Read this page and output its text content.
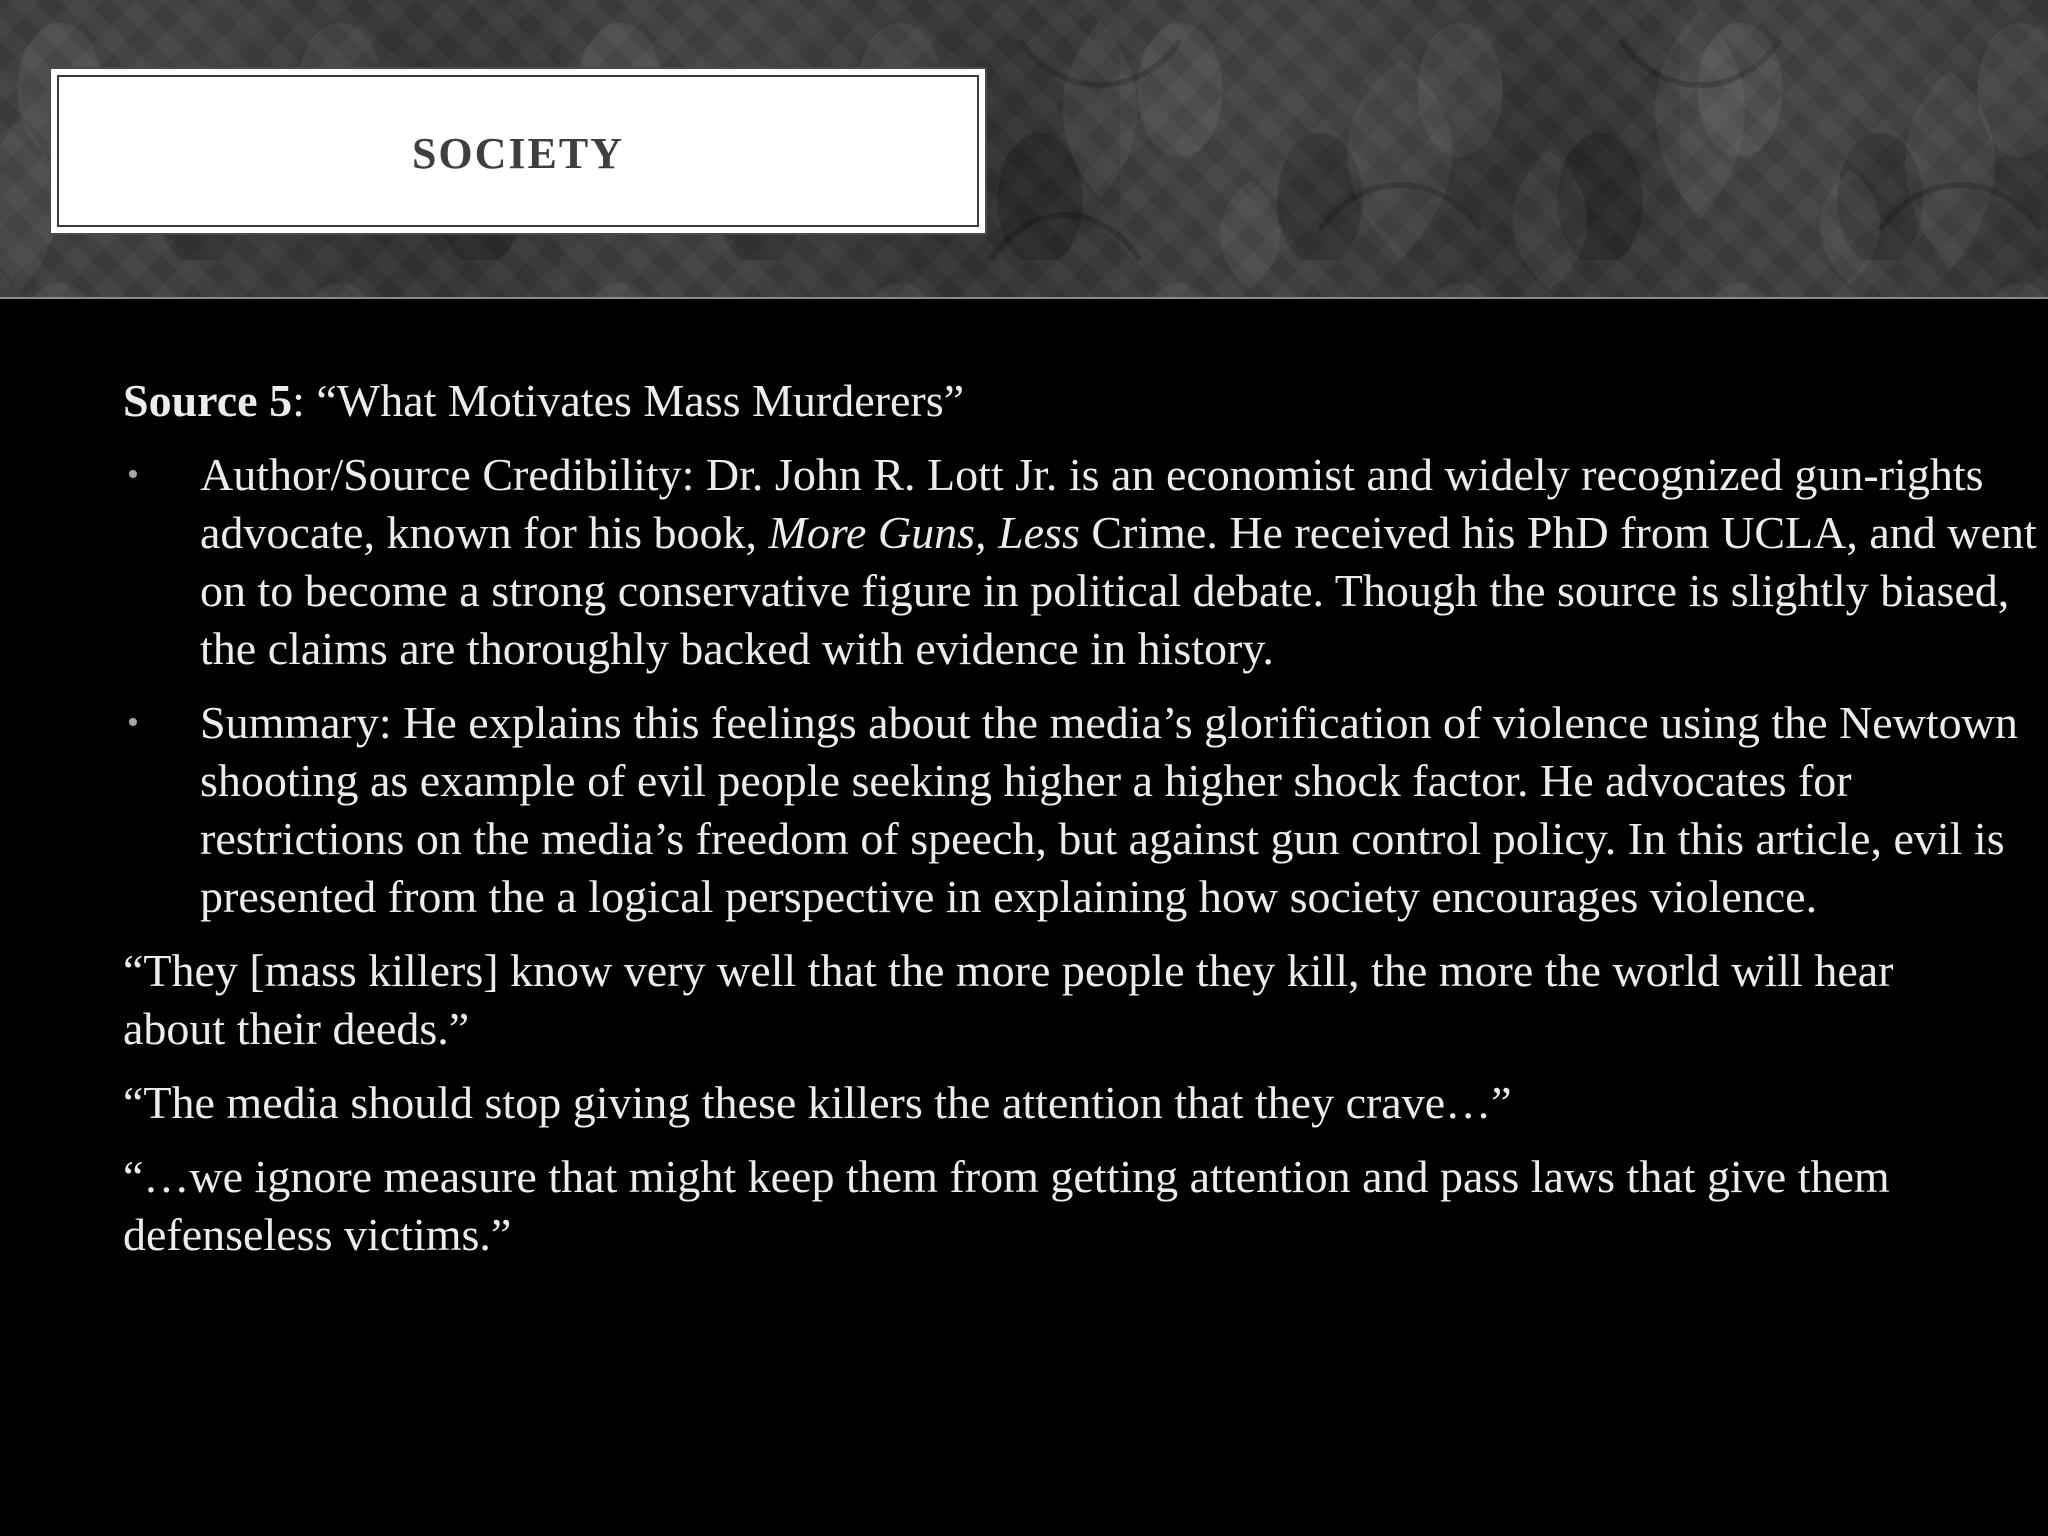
SOCIETY

Source 5: “What Motivates Mass Murderers”

• Author/Source Credibility: Dr. John R. Lott Jr. is an economist and widely recognized gun-rights advocate, known for his book, More Guns, Less Crime. He received his PhD from UCLA, and went on to become a strong conservative figure in political debate. Though the source is slightly biased, the claims are thoroughly backed with evidence in history.
• Summary: He explains this feelings about the media’s glorification of violence using the Newtown shooting as example of evil people seeking higher a higher shock factor. He advocates for restrictions on the media’s freedom of speech, but against gun control policy. In this article, evil is presented from the a logical perspective in explaining how society encourages violence.

“They [mass killers] know very well that the more people they kill, the more the world will hear about their deeds.”

“The media should stop giving these killers the attention that they crave…”

“…we ignore measure that might keep them from getting attention and pass laws that give them defenseless victims.”
